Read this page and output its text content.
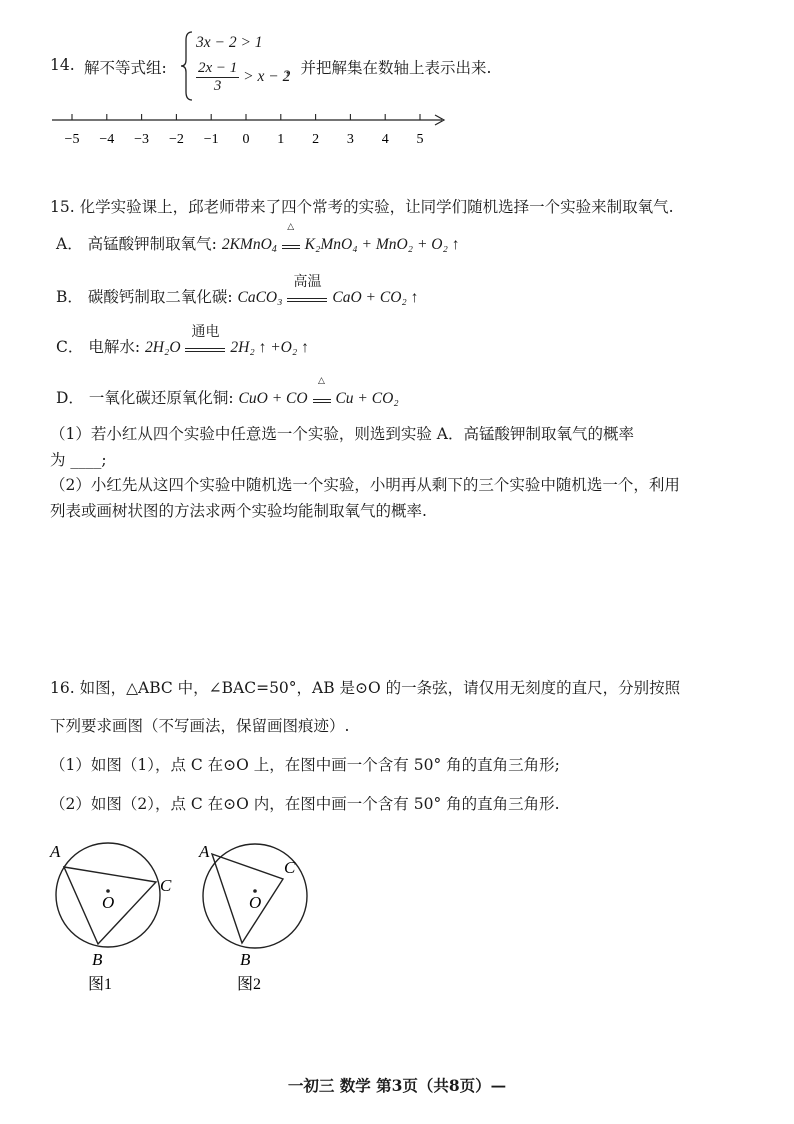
14. 解不等式组:
3x − 2 > 1
$\frac{2x - 1}{3} > x - 2$
，并把解集在数轴上表示出来.
−5 −4 −3 −2 −1 0 1 2 3 4 5
15. 化学实验课上，邱老师带来了四个常考的实验，让同学们随机选择一个实验来制取氧气.
A． 高锰酸钾制取氧气: 2KMnO$_4$
△
K₂MnO₄ + MnO₂ + O₂ ↑
B． 碳酸钙制取二氧化碳: CaCO₃
高温
CaO + CO₂ ↑
C． 电解水: 2H₂O
通电
2H₂ ↑ +O₂ ↑
D． 一氧化碳还原氧化铜: CuO + CO
△
Cu + CO₂
（1）若小红从四个实验中任意选一个实验，则选到实验 A．高锰酸钾制取氧气的概率
为 ____;
（2）小红先从这四个实验中随机选一个实验，小明再从剩下的三个实验中随机选一个，利用
列表或画树状图的方法求两个实验均能制取氧气的概率.
16. 如图，△ABC 中，∠BAC=50°，AB 是⊙O 的一条弦，请仅用无刻度的直尺，分别按照
下列要求画图（不写画法，保留画图痕迹）.
（1）如图（1），点 C 在⊙O 上，在图中画一个含有 50° 角的直角三角形;
（2）如图（2），点 C 在⊙O 内，在图中画一个含有 50° 角的直角三角形.
A
C
O
B
图1
A
C
O
B
图2
一初三 数学 第3页（共8页）—
